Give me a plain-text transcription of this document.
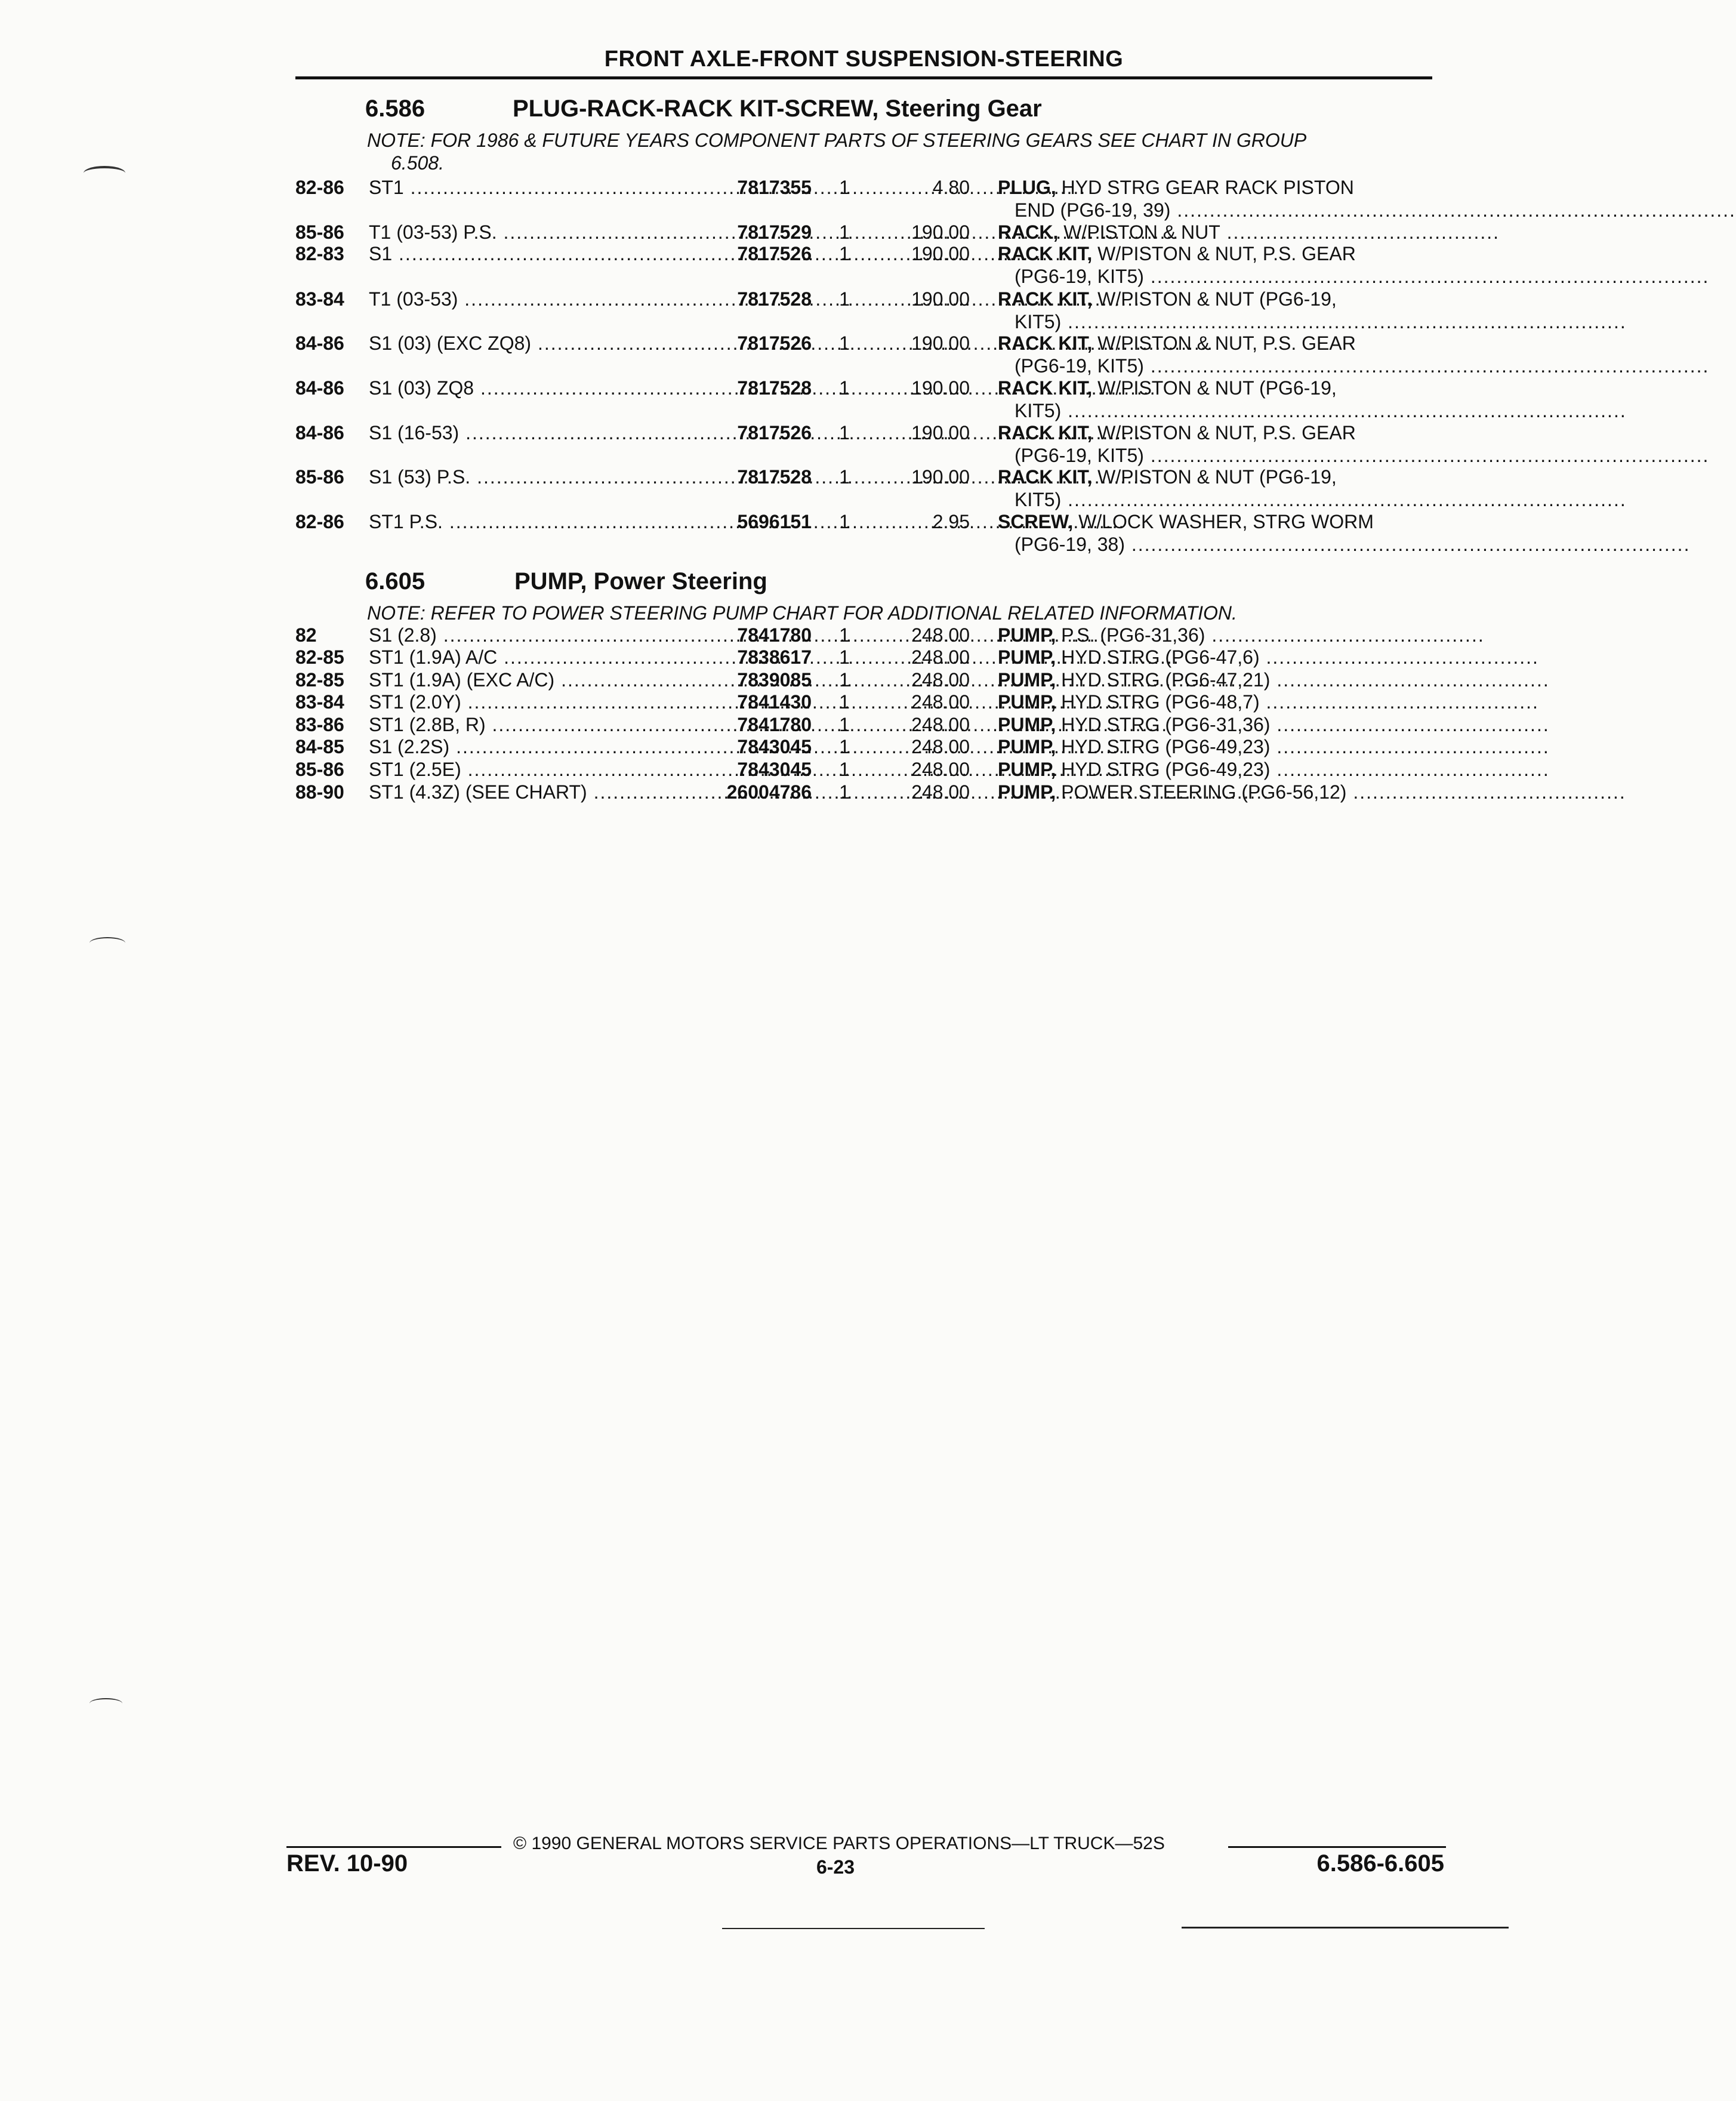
FRONT AXLE-FRONT SUSPENSION-STEERING
6.586	PLUG-RACK-RACK KIT-SCREW, Steering Gear
NOTE: FOR 1986 & FUTURE YEARS COMPONENT PARTS OF STEERING GEARS SEE CHART IN GROUP
6.508.
82-86	ST1 .....	7817355 1	4.80 PLUG, HYD STRG GEAR RACK PISTON
END (PG6-19, 39) .....
85-86	T1 (03-53) P.S. .....	7817529 1	190.00 RACK, W/PISTON & NUT ..........................................
82-83	S1 .....	7817526 1	190.00 RACK KIT, W/PISTON & NUT, P.S. GEAR
(PG6-19, KIT5) .....
83-84	T1 (03-53) .....	7817528 1	190.00 RACK KIT, W/PISTON & NUT (PG6-19,
KIT5) .....
84-86	S1 (03) (EXC ZQ8) .....	7817526 1	190.00 RACK KIT, W/PISTON & NUT, P.S. GEAR
(PG6-19, KIT5) .....
84-86	S1 (03) ZQ8 .....	7817528 1	190.00 RACK KIT, W/PISTON & NUT (PG6-19,
KIT5) .....
84-86	S1 (16-53) .....	7817526 1	190.00 RACK KIT, W/PISTON & NUT, P.S. GEAR
(PG6-19, KIT5) .....
85-86	S1 (53) P.S. .....	7817528 1	190.00 RACK KIT, W/PISTON & NUT (PG6-19,
KIT5) .....
82-86	ST1 P.S. .....	5696151 1	2.95 SCREW, W/LOCK WASHER, STRG WORM
(PG6-19, 38) .....
6.605	PUMP, Power Steering
NOTE: REFER TO POWER STEERING PUMP CHART FOR ADDITIONAL RELATED INFORMATION.
82	S1 (2.8) .....	7841780 1	248.00 PUMP, P.S. (PG6-31,36) ..........................................
82-85	ST1 (1.9A) A/C .....	7838617 1	248.00 PUMP, HYD STRG (PG6-47,6) ..........................................
82-85	ST1 (1.9A) (EXC A/C) .....	7839085 1	248.00 PUMP, HYD STRG (PG6-47,21) ..........................................
83-84	ST1 (2.0Y) .....	7841430 1	248.00 PUMP, HYD STRG (PG6-48,7) ..........................................
83-86	ST1 (2.8B, R) .....	7841780 1	248.00 PUMP, HYD STRG (PG6-31,36) ..........................................
84-85	S1 (2.2S) .....	7843045 1	248.00 PUMP, HYD STRG (PG6-49,23) ..........................................
85-86	ST1 (2.5E) .....	7843045 1	248.00 PUMP, HYD STRG (PG6-49,23) ..........................................
88-90	ST1 (4.3Z) (SEE CHART) .....	26004786 1	248.00 PUMP, POWER STEERING (PG6-56,12) ..........................................
© 1990 GENERAL MOTORS SERVICE PARTS OPERATIONS—LT TRUCK—52S
REV. 10-90	6-23	6.586-6.605
